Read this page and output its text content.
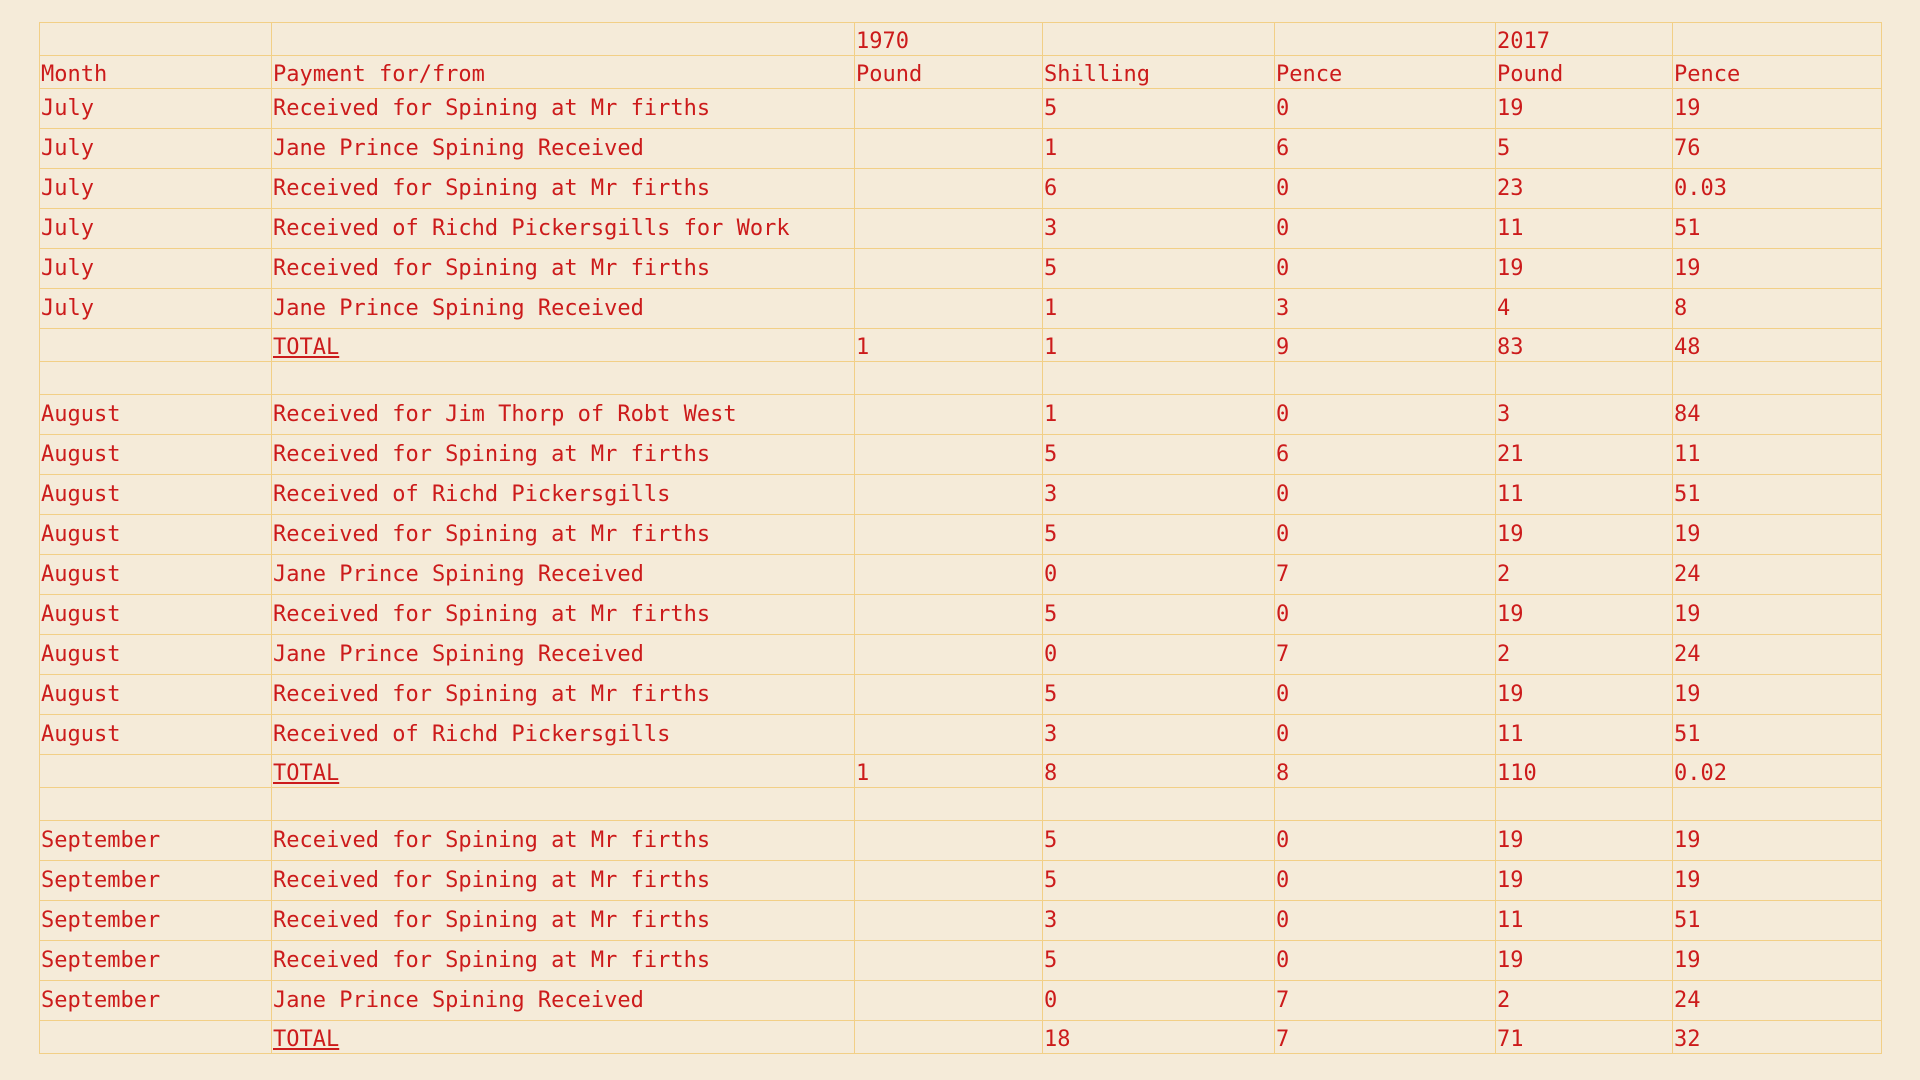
		1970			2017	
Month	Payment for/from	Pound	Shilling	Pence	Pound	Pence
July	Received for Spining at Mr firths		5	0	19	19
July	Jane Prince Spining Received		1	6	5	76
July	Received for Spining at Mr firths		6	0	23	0.03
July	Received of Richd Pickersgills for Work		3	0	11	51
July	Received for Spining at Mr firths		5	0	19	19
July	Jane Prince Spining Received		1	3	4	8
	TOTAL	1	1	9	83	48

August	Received for Jim Thorp of Robt West		1	0	3	84
August	Received for Spining at Mr firths		5	6	21	11
August	Received of Richd Pickersgills		3	0	11	51
August	Received for Spining at Mr firths		5	0	19	19
August	Jane Prince Spining Received		0	7	2	24
August	Received for Spining at Mr firths		5	0	19	19
August	Jane Prince Spining Received		0	7	2	24
August	Received for Spining at Mr firths		5	0	19	19
August	Received of Richd Pickersgills		3	0	11	51
	TOTAL	1	8	8	110	0.02

September	Received for Spining at Mr firths		5	0	19	19
September	Received for Spining at Mr firths		5	0	19	19
September	Received for Spining at Mr firths		3	0	11	51
September	Received for Spining at Mr firths		5	0	19	19
September	Jane Prince Spining Received		0	7	2	24
	TOTAL		18	7	71	32
